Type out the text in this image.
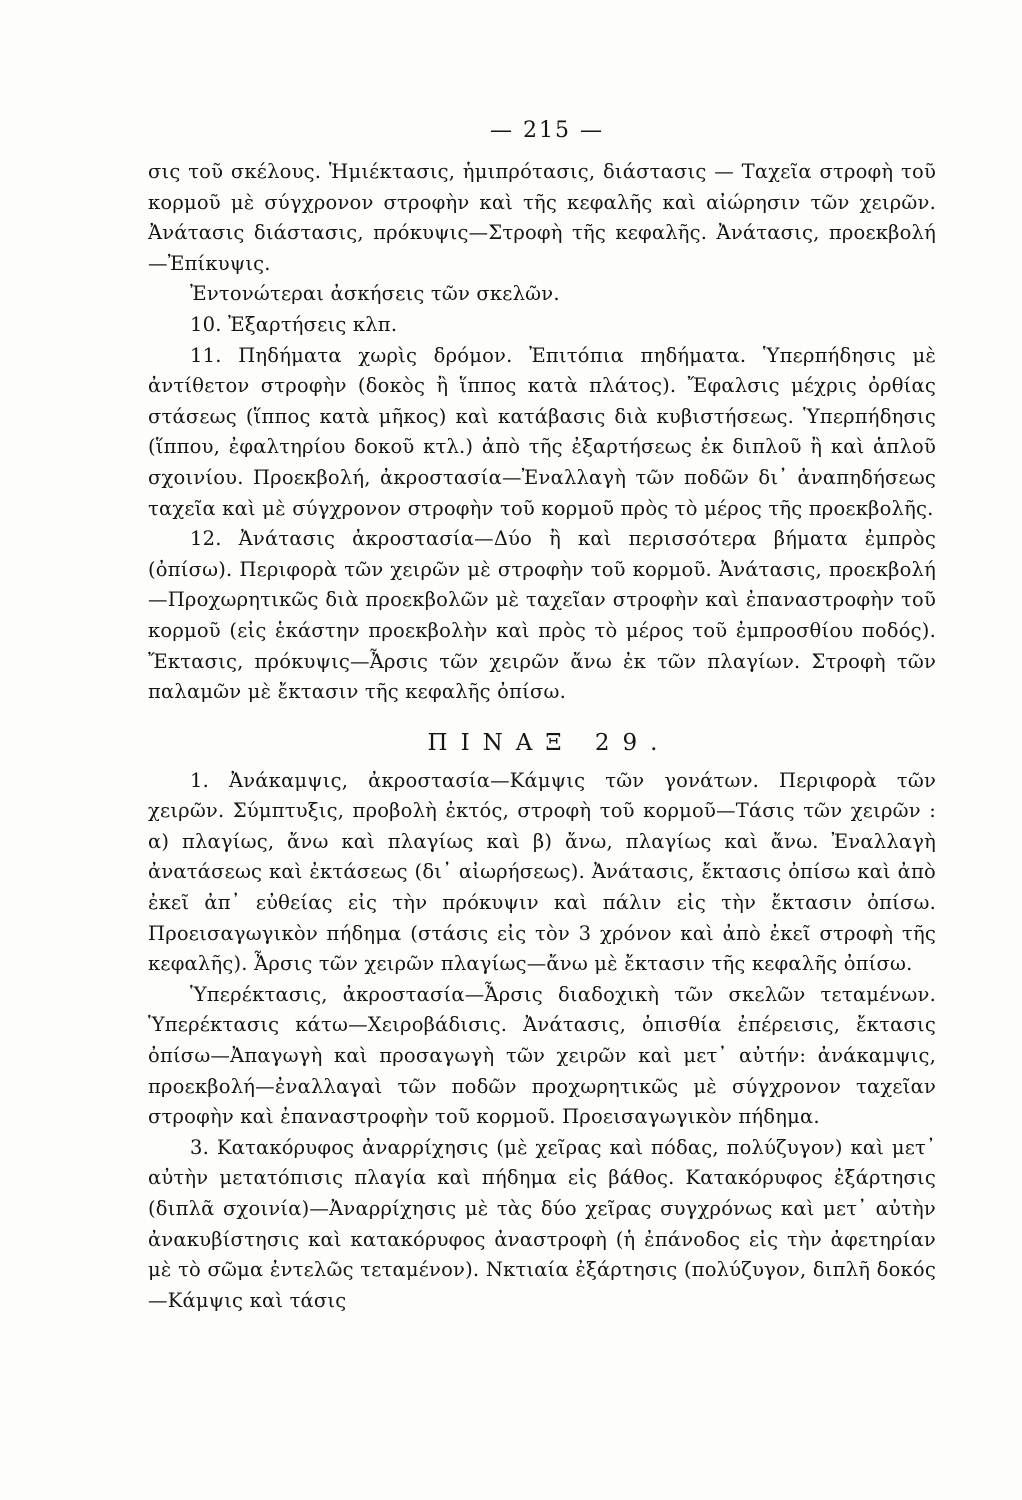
— 215 —

σις τοῦ σκέλους. Ἡμιέκτασις, ἡμιπρότασις, διάστασις — Ταχεῖα στροφὴ τοῦ κορμοῦ μὲ σύγχρονον στροφὴν καὶ τῆς κεφαλῆς καὶ αἰώρησιν τῶν χειρῶν. Ἀνάτασις διάστασις, πρόκυψις—Στροφὴ τῆς κεφαλῆς. Ἀνάτασις, προεκβολή—Ἐπίκυψις.

Ἐντονώτεραι ἀσκήσεις τῶν σκελῶν.

10. Ἐξαρτήσεις κλπ.

11. Πηδήματα χωρὶς δρόμον. Ἐπιτόπια πηδήματα. Ὑπερπήδησις μὲ ἀντίθετον στροφὴν (δοκὸς ἢ ἵππος κατὰ πλάτος). Ἔφαλσις μέχρις ὀρθίας στάσεως (ἵππος κατὰ μῆκος) καὶ κατάβασις διὰ κυβιστήσεως. Ὑπερπήδησις (ἵππου, ἐφαλτηρίου δοκοῦ κτλ.) ἀπὸ τῆς ἐξαρτήσεως ἐκ διπλοῦ ἢ καὶ ἁπλοῦ σχοινίου. Προεκβολή, ἀκροστασία—Ἐναλλαγὴ τῶν ποδῶν δι᾽ ἀναπηδήσεως ταχεῖα καὶ μὲ σύγχρονον στροφὴν τοῦ κορμοῦ πρὸς τὸ μέρος τῆς προεκβολῆς.

12. Ἀνάτασις ἀκροστασία—Δύο ἢ καὶ περισσότερα βήματα ἐμπρὸς (ὀπίσω). Περιφορὰ τῶν χειρῶν μὲ στροφὴν τοῦ κορμοῦ. Ἀνάτασις, προεκβολή—Προχωρητικῶς διὰ προεκβολῶν μὲ ταχεῖαν στροφὴν καὶ ἐπαναστροφὴν τοῦ κορμοῦ (εἰς ἑκάστην προεκβολὴν καὶ πρὸς τὸ μέρος τοῦ ἐμπροσθίου ποδός). Ἔκτασις, πρόκυψις—Ἆρσις τῶν χειρῶν ἄνω ἐκ τῶν πλαγίων. Στροφὴ τῶν παλαμῶν μὲ ἔκτασιν τῆς κεφαλῆς ὀπίσω.

ΠΙΝΑΞ 29.

1. Ἀνάκαμψις, ἀκροστασία—Κάμψις τῶν γονάτων. Περιφορὰ τῶν χειρῶν. Σύμπτυξις, προβολὴ ἐκτός, στροφὴ τοῦ κορμοῦ—Τάσις τῶν χειρῶν : α) πλαγίως, ἄνω καὶ πλαγίως καὶ β) ἄνω, πλαγίως καὶ ἄνω. Ἐναλλαγὴ ἀνατάσεως καὶ ἐκτάσεως (δι᾽ αἰωρήσεως). Ἀνάτασις, ἔκτασις ὀπίσω καὶ ἀπὸ ἐκεῖ ἀπ᾽ εὐθείας εἰς τὴν πρόκυψιν καὶ πάλιν εἰς τὴν ἔκτασιν ὀπίσω. Προεισαγωγικὸν πήδημα (στάσις εἰς τὸν 3 χρόνον καὶ ἀπὸ ἐκεῖ στροφὴ τῆς κεφαλῆς). Ἆρσις τῶν χειρῶν πλαγίως—ἄνω μὲ ἔκτασιν τῆς κεφαλῆς ὀπίσω.

Ὑπερέκτασις, ἀκροστασία—Ἆρσις διαδοχικὴ τῶν σκελῶν τεταμένων. Ὑπερέκτασις κάτω—Χειροβάδισις. Ἀνάτασις, ὀπισθία ἐπέρεισις, ἔκτασις ὀπίσω—Ἀπαγωγὴ καὶ προσαγωγὴ τῶν χειρῶν καὶ μετ᾽ αὐτήν: ἀνάκαμψις, προεκβολή—ἐναλλαγαὶ τῶν ποδῶν προχωρητικῶς μὲ σύγχρονον ταχεῖαν στροφὴν καὶ ἐπαναστροφὴν τοῦ κορμοῦ. Προεισαγωγικὸν πήδημα.

3. Κατακόρυφος ἀναρρίχησις (μὲ χεῖρας καὶ πόδας, πολύζυγον) καὶ μετ᾽ αὐτὴν μετατόπισις πλαγία καὶ πήδημα εἰς βάθος. Κατακόρυφος ἐξάρτησις (διπλᾶ σχοινία)—Ἀναρρίχησις μὲ τὰς δύο χεῖρας συγχρόνως καὶ μετ᾽ αὐτὴν ἀνακυβίστησις καὶ κατακόρυφος ἀναστροφὴ (ἡ ἐπάνοδος εἰς τὴν ἀφετηρίαν μὲ τὸ σῶμα ἐντελῶς τεταμένον). Νκτιαία ἐξάρτησις (πολύζυγον, διπλῆ δοκός—Κάμψις καὶ τάσις
